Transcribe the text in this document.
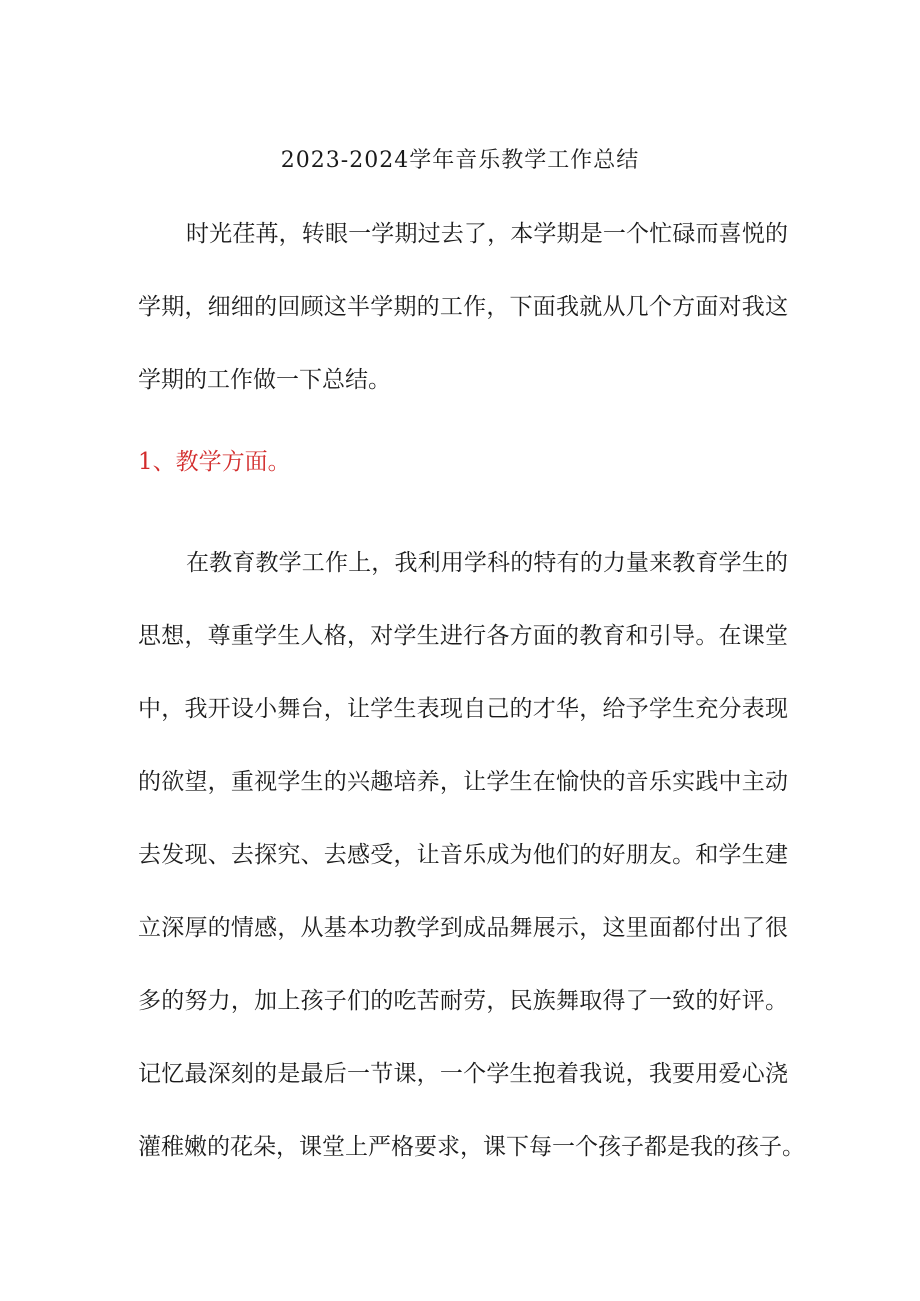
2023-2024学年音乐教学工作总结
时光荏苒，转眼一学期过去了，本学期是一个忙碌而喜悦的
学期，细细的回顾这半学期的工作，下面我就从几个方面对我这
学期的工作做一下总结。
1、教学方面。
在教育教学工作上，我利用学科的特有的力量来教育学生的
思想，尊重学生人格，对学生进行各方面的教育和引导。在课堂
中，我开设小舞台，让学生表现自己的才华，给予学生充分表现
的欲望，重视学生的兴趣培养，让学生在愉快的音乐实践中主动
去发现、去探究、去感受，让音乐成为他们的好朋友。和学生建
立深厚的情感，从基本功教学到成品舞展示，这里面都付出了很
多的努力，加上孩子们的吃苦耐劳，民族舞取得了一致的好评。
记忆最深刻的是最后一节课，一个学生抱着我说，我要用爱心浇
灌稚嫩的花朵，课堂上严格要求，课下每一个孩子都是我的孩子。
